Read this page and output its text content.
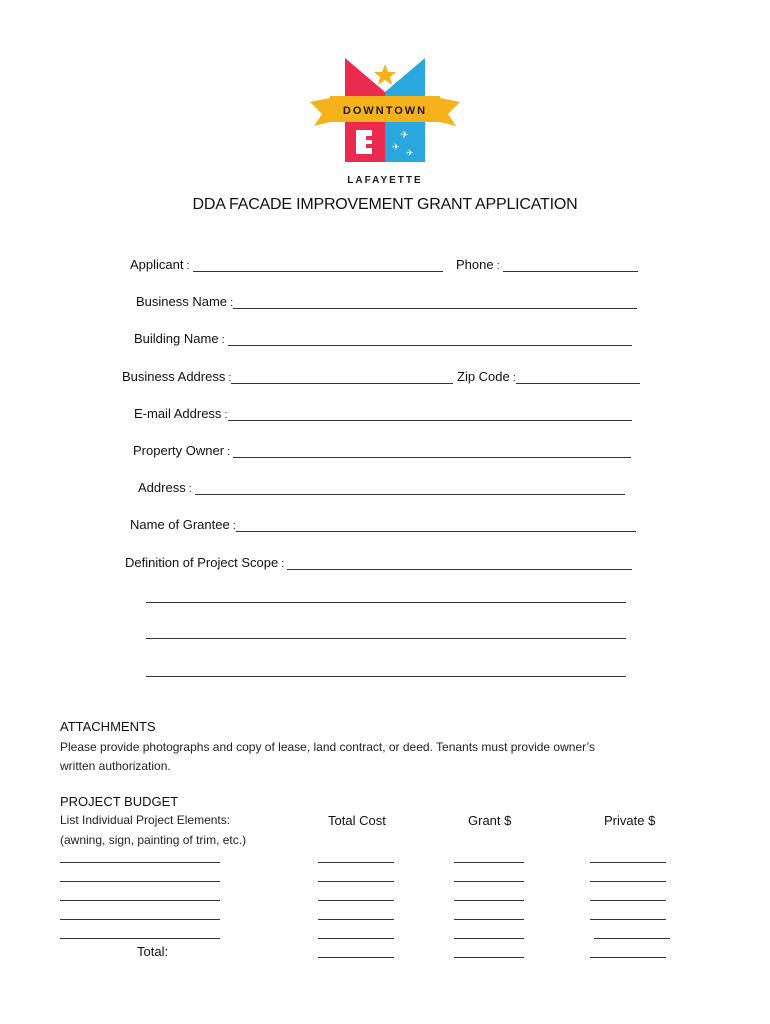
DOWNTOWN
✈
✈
✈
LAFAYETTE
DDA FACADE IMPROVEMENT GRANT APPLICATION
Applicant :	Phone :
Business Name :
Building Name :
Business Address :	Zip Code :
E-mail Address :
Property Owner :
Address :
Name of Grantee :
Definition of Project Scope :
ATTACHMENTS
Please provide photographs and copy of lease, land contract, or deed. Tenants must provide owner’s
written authorization.
PROJECT BUDGET
List Individual Project Elements:
(awning, sign, painting of trim, etc.)
Total Cost	Grant $	Private $
Total:
